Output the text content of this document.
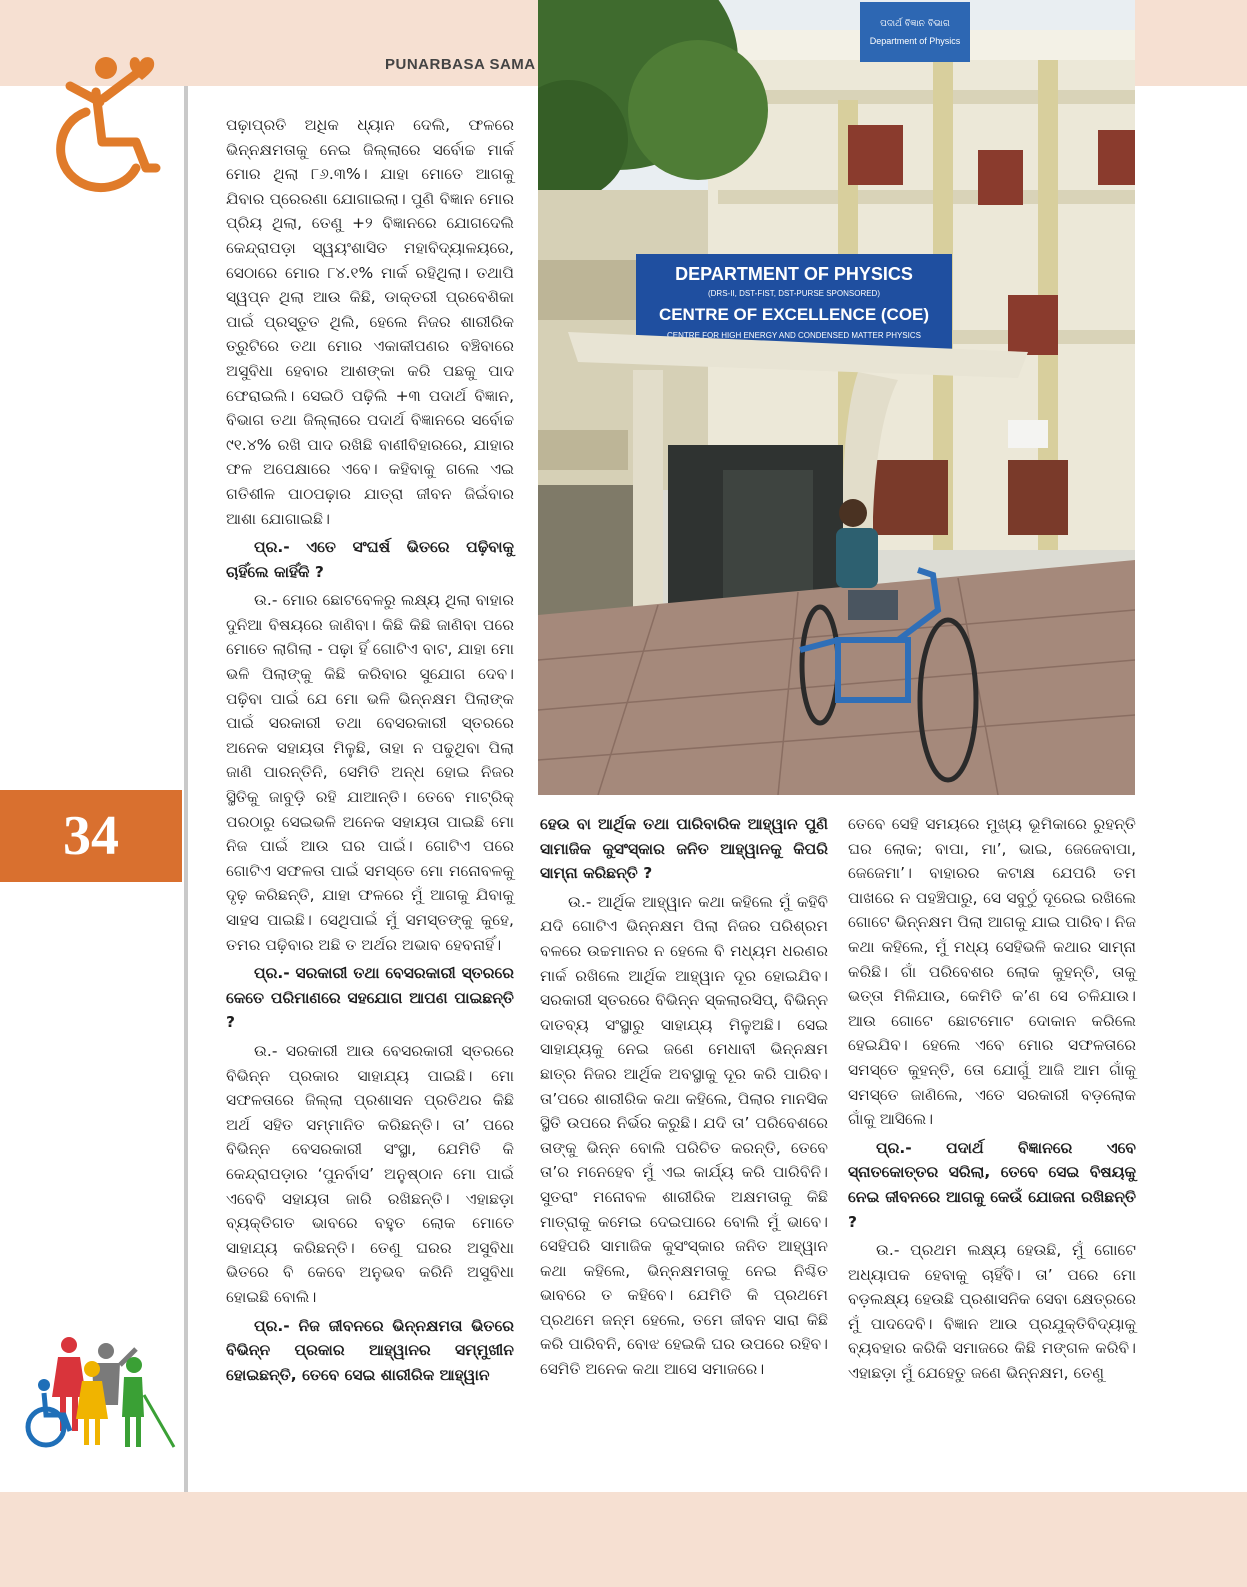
PUNARBASA SAMA
ପଦାର୍ଥ ବିଜ୍ଞାନ ବିଭାଗ
Department of Physics
DEPARTMENT OF PHYSICS
(DRS-II, DST-FIST, DST-PURSE SPONSORED)
CENTRE OF EXCELLENCE (COE)
CENTRE FOR HIGH ENERGY AND CONDENSED MATTER PHYSICS
34

ପଢ଼ାପ୍ରତି ଅଧିକ ଧ୍ୟାନ ଦେଲି, ଫଳରେ ଭିନ୍ନକ୍ଷମତାକୁ ନେଇ ଜିଲ୍ଲାରେ ସର୍ବୋଚ୍ଚ ମାର୍କ ମୋର ଥିଲା ୮୬.୩%। ଯାହା ମୋତେ ଆଗକୁ ଯିବାର ପ୍ରେରଣା ଯୋଗାଇଲା। ପୁଣି ବିଜ୍ଞାନ ମୋର ପ୍ରିୟ ଥିଲା, ତେଣୁ +୨ ବିଜ୍ଞାନରେ ଯୋଗଦେଲି କେନ୍ଦ୍ରାପଡ଼ା ସ୍ୱୟଂଶାସିତ ମହାବିଦ୍ୟାଳୟରେ, ସେଠାରେ ମୋର ୮୪.୧% ମାର୍କ ରହିଥିଲା। ତଥାପି ସ୍ୱପ୍ନ ଥିଲା ଆଉ କିଛି, ଡାକ୍ତରୀ ପ୍ରବେଶିକା ପାଇଁ ପ୍ରସ୍ତୁତ ଥିଲି, ହେଲେ ନିଜର ଶାରୀରିକ ତ୍ରୁଟିରେ ତଥା ମୋର ଏକାକୀପଣର ବଞ୍ଚିବାରେ ଅସୁବିଧା ହେବାର ଆଶଙ୍କା କରି ପଛକୁ ପାଦ ଫେରାଇଲି। ସେଇଠି ପଢ଼ିଲି +୩ ପଦାର୍ଥ ବିଜ୍ଞାନ, ବିଭାଗ ତଥା ଜିଲ୍ଲାରେ ପଦାର୍ଥ ବିଜ୍ଞାନରେ ସର୍ବୋଚ୍ଚ ୯୧.୪% ରଖି ପାଦ ରଖିଛି ବାଣୀବିହାରରେ, ଯାହାର ଫଳ ଅପେକ୍ଷାରେ ଏବେ। କହିବାକୁ ଗଲେ ଏଇ ଗତିଶୀଳ ପାଠପଢ଼ାର ଯାତ୍ରା ଜୀବନ ଜିଇଁବାର ଆଶା ଯୋଗାଇଛି।

ପ୍ର.- ଏତେ ସଂଘର୍ଷ ଭିତରେ ପଢ଼ିବାକୁ ଚାହିଁଲେ କାହିଁକି ?

ଉ.- ମୋର ଛୋଟବେଳରୁ ଲକ୍ଷ୍ୟ ଥିଲା ବାହାର ଦୁନିଆ ବିଷୟରେ ଜାଣିବା। କିଛି କିଛି ଜାଣିବା ପରେ ମୋତେ ଲାଗିଲା - ପଢ଼ା ହିଁ ଗୋଟିଏ ବାଟ, ଯାହା ମୋ ଭଳି ପିଲାଙ୍କୁ କିଛି କରିବାର ସୁଯୋଗ ଦେବ। ପଢ଼ିବା ପାଇଁ ଯେ ମୋ ଭଳି ଭିନ୍ନକ୍ଷମ ପିଲାଙ୍କ ପାଇଁ ସରକାରୀ ତଥା ବେସରକାରୀ ସ୍ତରରେ ଅନେକ ସହାୟତା ମିଳୁଛି, ତାହା ନ ପଢୁଥିବା ପିଲା ଜାଣି ପାରନ୍ତିନି, ସେମିତି ଅନ୍ଧ ହୋଇ ନିଜର ସ୍ଥିତିକୁ ଜାବୁଡ଼ି ରହି ଯାଆନ୍ତି। ତେବେ ମାଟ୍ରିକ୍ ପରଠାରୁ ସେଇଭଳି ଅନେକ ସହାୟତା ପାଇଛି ମୋ ନିଜ ପାଇଁ ଆଉ ଘର ପାଇଁ। ଗୋଟିଏ ପରେ ଗୋଟିଏ ସଫଳତା ପାଇଁ ସମସ୍ତେ ମୋ ମନୋବଳକୁ ଦୃଢ଼ କରିଛନ୍ତି, ଯାହା ଫଳରେ ମୁଁ ଆଗକୁ ଯିବାକୁ ସାହସ ପାଇଛି। ସେଥିପାଇଁ ମୁଁ ସମସ୍ତଙ୍କୁ କୁହେ, ତମର ପଢ଼ିବାର ଅଛି ତ ଅର୍ଥର ଅଭାବ ହେବନାହିଁ।

ପ୍ର.- ସରକାରୀ ତଥା ବେସରକାରୀ ସ୍ତରରେ କେତେ ପରିମାଣରେ ସହଯୋଗ ଆପଣ ପାଇଛନ୍ତି ?

ଉ.- ସରକାରୀ ଆଉ ବେସରକାରୀ ସ୍ତରରେ ବିଭିନ୍ନ ପ୍ରକାର ସାହାଯ୍ୟ ପାଇଛି। ମୋ ସଫଳତାରେ ଜିଲ୍ଲା ପ୍ରଶାସନ ପ୍ରତିଥର କିଛି ଅର୍ଥ ସହିତ ସମ୍ମାନିତ କରିଛନ୍ତି। ତା’ ପରେ ବିଭିନ୍ନ ବେସରକାରୀ ସଂସ୍ଥା, ଯେମିତି କି କେନ୍ଦ୍ରାପଡ଼ାର ‘ପୁନର୍ବାସ’ ଅନୁଷ୍ଠାନ ମୋ ପାଇଁ ଏବେବି ସହାୟତା ଜାରି ରଖିଛନ୍ତି। ଏହାଛଡ଼ା ବ୍ୟକ୍ତିଗତ ଭାବରେ ବହୁତ ଲୋକ ମୋତେ ସାହାଯ୍ୟ କରିଛନ୍ତି। ତେଣୁ ଘରର ଅସୁବିଧା ଭିତରେ ବି କେବେ ଅନୁଭବ କରିନି ଅସୁବିଧା ହୋଇଛି ବୋଲି।

ପ୍ର.- ନିଜ ଜୀବନରେ ଭିନ୍ନକ୍ଷମତା ଭିତରେ ବିଭିନ୍ନ ପ୍ରକାର ଆହ୍ୱାନର ସମ୍ମୁଖୀନ ହୋଇଛନ୍ତି, ତେବେ ସେଇ ଶାରୀରିକ ଆହ୍ୱାନ

ହେଉ ବା ଆର୍ଥିକ ତଥା ପାରିବାରିକ ଆହ୍ୱାନ ପୁଣି ସାମାଜିକ କୁସଂସ୍କାର ଜନିତ ଆହ୍ୱାନକୁ କିପରି ସାମ୍ନା କରିଛନ୍ତି ?

ଉ.- ଆର୍ଥିକ ଆହ୍ୱାନ କଥା କହିଲେ ମୁଁ କହିବି ଯଦି ଗୋଟିଏ ଭିନ୍ନକ୍ଷମ ପିଲା ନିଜର ପରିଶ୍ରମ ବଳରେ ଉଚ୍ଚମାନର ନ ହେଲେ ବି ମଧ୍ୟମ ଧରଣର ମାର୍କ ରଖିଲେ ଆର୍ଥିକ ଆହ୍ୱାନ ଦୂର ହୋଇଯିବ। ସରକାରୀ ସ୍ତରରେ ବିଭିନ୍ନ ସ୍କଲାରସିପ୍, ବିଭିନ୍ନ ଦାତବ୍ୟ ସଂସ୍ଥାରୁ ସାହାଯ୍ୟ ମିଳୁଅଛି। ସେଇ ସାହାଯ୍ୟକୁ ନେଇ ଜଣେ ମେଧାବୀ ଭିନ୍ନକ୍ଷମ ଛାତ୍ର ନିଜର ଆର୍ଥିକ ଅବସ୍ଥାକୁ ଦୂର କରି ପାରିବ। ତା’ପରେ ଶାରୀରିକ କଥା କହିଲେ, ପିଲାର ମାନସିକ ସ୍ଥିତି ଉପରେ ନିର୍ଭର କରୁଛି। ଯଦି ତା’ ପରିବେଶରେ ତାଙ୍କୁ ଭିନ୍ନ ବୋଲି ପରିଚିତ କରନ୍ତି, ତେବେ ତା’ର ମନେହେବ ମୁଁ ଏଇ କାର୍ଯ୍ୟ କରି ପାରିବିନି। ସୁତରାଂ ମନୋବଳ ଶାରୀରିକ ଅକ୍ଷମତାକୁ କିଛି ମାତ୍ରାକୁ କମେଇ ଦେଇପାରେ ବୋଲି ମୁଁ ଭାବେ। ସେହିପରି ସାମାଜିକ କୁସଂସ୍କାର ଜନିତ ଆହ୍ୱାନ କଥା କହିଲେ, ଭିନ୍ନକ୍ଷମତାକୁ ନେଇ ନିଶ୍ଚିତ ଭାବରେ ତ କହିବେ। ଯେମିତି କି ପ୍ରଥମେ ପ୍ରଥମେ ଜନ୍ମ ହେଲେ, ତମେ ଜୀବନ ସାରା କିଛି କରି ପାରିବନି, ବୋଝ ହେଇକି ଘର ଉପରେ ରହିବ। ସେମିତି ଅନେକ କଥା ଆସେ ସମାଜରେ।

ତେବେ ସେହି ସମୟରେ ମୁଖ୍ୟ ଭୂମିକାରେ ରୁହନ୍ତି ଘର ଲୋକ; ବାପା, ମା’, ଭାଇ, ଜେଜେବାପା, ଜେଜେମା’। ବାହାରର କଟାକ୍ଷ ଯେପରି ତମ ପାଖରେ ନ ପହଞ୍ଚିପାରୁ, ସେ ସବୁଠୁଁ ଦୂରେଇ ରଖିଲେ ଗୋଟେ ଭିନ୍ନକ୍ଷମ ପିଲା ଆଗକୁ ଯାଇ ପାରିବ। ନିଜ କଥା କହିଲେ, ମୁଁ ମଧ୍ୟ ସେହିଭଳି କଥାର ସାମ୍ନା କରିଛି। ଗାଁ ପରିବେଶର ଲୋକ କୁହନ୍ତି, ତାକୁ ଭତ୍ତା ମିଳିଯାଉ, କେମିତି କ’ଣ ସେ ଚଳିଯାଉ। ଆଉ ଗୋଟେ ଛୋଟମୋଟ ଦୋକାନ କରିଲେ ହେଇଯିବ। ହେଲେ ଏବେ ମୋର ସଫଳତାରେ ସମସ୍ତେ କୁହନ୍ତି, ତୋ ଯୋଗୁଁ ଆଜି ଆମ ଗାଁକୁ ସମସ୍ତେ ଜାଣିଲେ, ଏତେ ସରକାରୀ ବଡ଼ଲୋକ ଗାଁକୁ ଆସିଲେ।

ପ୍ର.- ପଦାର୍ଥ ବିଜ୍ଞାନରେ ଏବେ ସ୍ନାତକୋତ୍ତର ସରିଲା, ତେବେ ସେଇ ବିଷୟକୁ ନେଇ ଜୀବନରେ ଆଗକୁ କେଉଁ ଯୋଜନା ରଖିଛନ୍ତି ?

ଉ.- ପ୍ରଥମ ଲକ୍ଷ୍ୟ ହେଉଛି, ମୁଁ ଗୋଟେ ଅଧ୍ୟାପକ ହେବାକୁ ଚାହିଁବି। ତା’ ପରେ ମୋ ବଡ଼ଲକ୍ଷ୍ୟ ହେଉଛି ପ୍ରଶାସନିକ ସେବା କ୍ଷେତ୍ରରେ ମୁଁ ପାଦଦେବି। ବିଜ୍ଞାନ ଆଉ ପ୍ରଯୁକ୍ତିବିଦ୍ୟାକୁ ବ୍ୟବହାର କରିକି ସମାଜରେ କିଛି ମଙ୍ଗଳ କରିବି। ଏହାଛଡ଼ା ମୁଁ ଯେହେତୁ ଜଣେ ଭିନ୍ନକ୍ଷମ, ତେଣୁ
